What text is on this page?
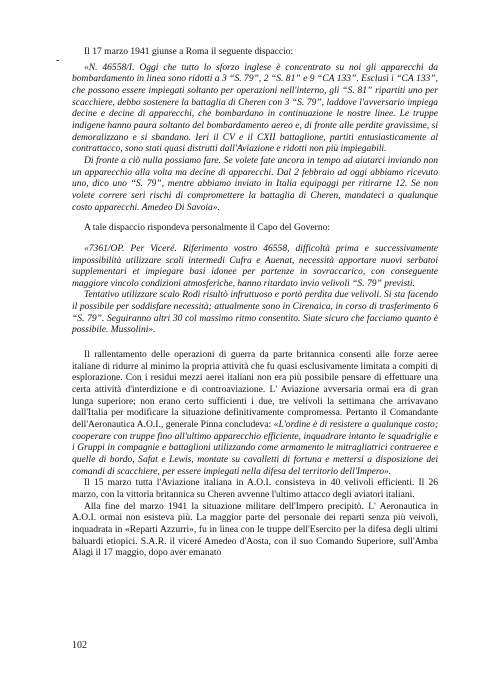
-

Il 17 marzo 1941 giunse a Roma il seguente dispaccio:

«N. 46558/I. Oggi che tutto lo sforzo inglese è concentrato su noi gli apparecchi da bombardamento in linea sono ridotti a 3 “S. 79”, 2 “S. 81” e 9 “CA 133”. Esclusi i “CA 133”, che possono essere impiegati soltanto per operazioni nell'interno, gli “S. 81” ripartiti uno per scacchiere, debbo sostenere la battaglia di Cheren con 3 “S. 79”, laddove l'avversario impiega decine e decine di apparecchi, che bombardano in continuazione le nostre linee. Le truppe indigene hanno paura soltanto del bombardamento aereo e, di fronte alle perdite gravissime, si demoralizzano e si sbandano. Ieri il CV e il CXII battaglione, partiti entusiasticamente al contrattacco, sono stati quasi distrutti dall'Aviazione e ridotti non più impiegabili.

Di fronte a ciò nulla possiamo fare. Se volete fate ancora in tempo ad aiutarci inviando non un apparecchio alla volta ma decine di apparecchi. Dal 2 febbraio ad oggi abbiamo ricevuto uno, dico uno “S. 79”, mentre abbiamo inviato in Italia equipaggi per ritirarne 12. Se non volete correre seri rischi di compromettere la battaglia di Cheren, mandateci a qualunque costo apparecchi. Amedeo Di Savoia».

A tale dispaccio rispondeva personalmente il Capo del Governo:

«7361/OP. Per Viceré. Riferimento vostro 46558, difficoltà prima e successivamente impossibilità utilizzare scali intermedi Cufra e Auenat, necessità apportare nuovi serbatoi supplementari et impiegare basi idonee per partenze in sovraccarico, con conseguente maggiore vincolo condizioni atmosferiche, hanno ritardato invio velivoli “S. 79” previsti.

Tentativo utilizzare scalo Rodi risultò infruttuoso e portò perdita due velivoli. Si sta facendo il possibile per soddisfare necessità; attualmente sono in Cirenaica, in corso di trasferimento 6 “S. 79”. Seguiranno altri 30 col massimo ritmo consentito. Siate sicuro che facciamo quanto è possibile. Mussolini».

Il rallentamento delle operazioni di guerra da parte britannica consentì alle forze aeree italiane di ridurre al minimo la propria attività che fu quasi esclusivamente limitata a compiti di esplorazione. Con i residui mezzi aerei italiani non era più possibile pensare di effettuare una certa attività d'interdizione e di controaviazione. L' Aviazione avversaria ormai era di gran lunga superiore; non erano certo sufficienti i due, tre velivoli la settimana che arrivavano dall'Italia per modificare la situazione definitivamente compromessa. Pertanto il Comandante dell'Aeronautica A.O.I., generale Pinna concludeva: «L'ordine è di resistere a qualunque costo; cooperare con truppe fino all'ultimo apparecchio efficiente, inquadrare intanto le squadriglie e i Gruppi in compagnie e battaglioni utilizzando come armamento le mitragliatrici contraeree e quelle di bordo, Safat e Lewis, montate su cavalletti di fortuna e mettersi a disposizione dei comandi di scacchiere, per essere impiegati nella difesa del territorio dell'Impero».

Il 15 marzo tutta l'Aviazione italiana in A.O.I. consisteva in 40 velivoli efficienti. Il 26 marzo, con la vittoria britannica su Cheren avvenne l'ultimo attacco degli aviatori italiani.

Alla fine del marzo 1941 la situazione militare dell'Impero precipitò. L' Aeronautica in A.O.I. ormai non esisteva più. La maggior parte del personale dei reparti senza più veivoli, inquadrata in «Reparti Azzurri», fu in linea con le truppe dell'Esercito per la difesa degli ultimi baluardi etiopici. S.A.R. il viceré Amedeo d'Aosta, con il suo Comando Superiore, sull'Amba Alagi il 17 maggio, dopo aver emanato

102
